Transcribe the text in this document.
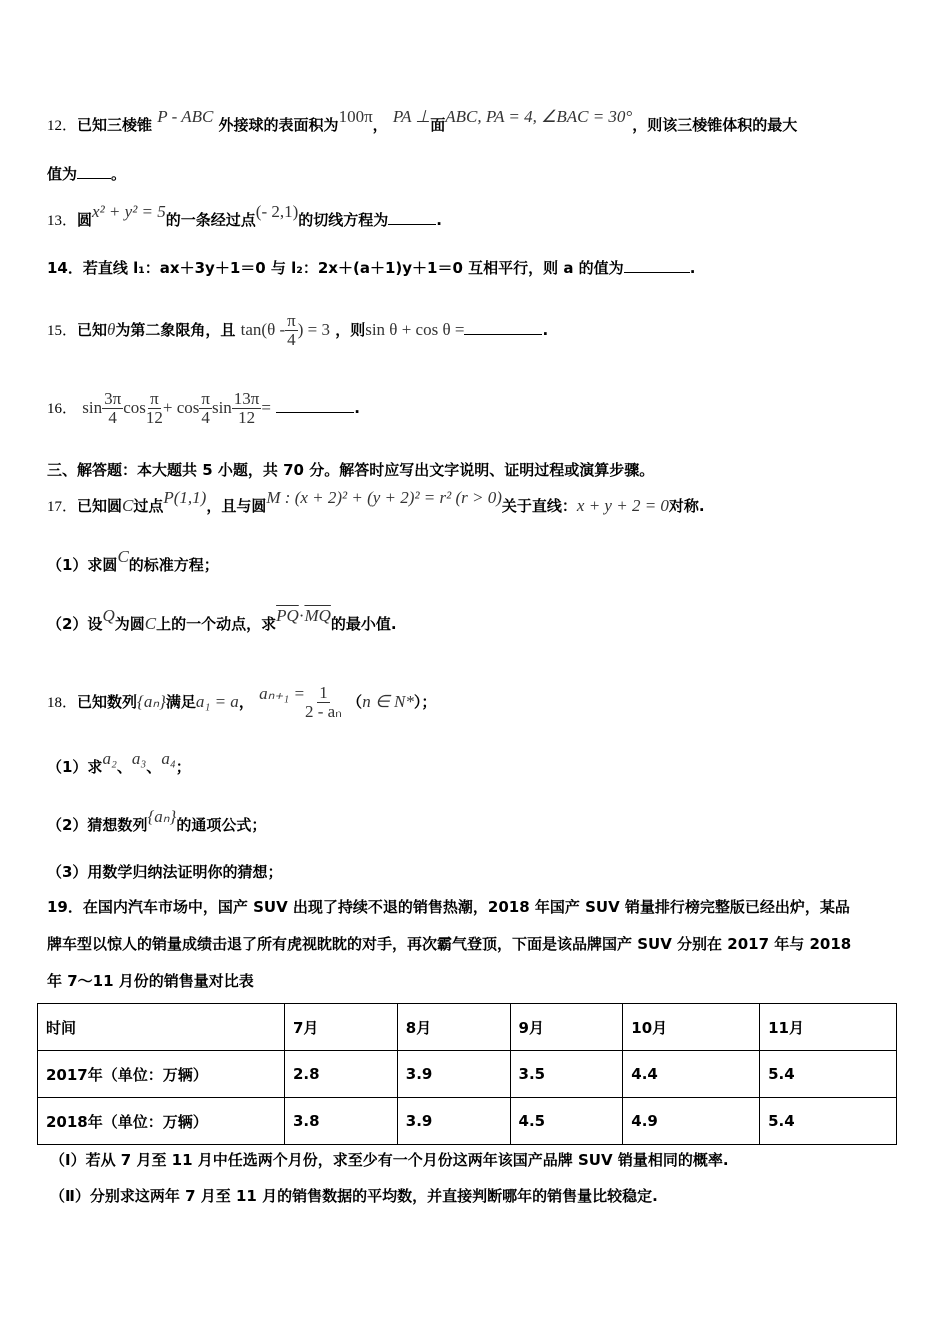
12．已知三棱锥 P - ABC 外接球的表面积为100π， PA ⊥面ABC, PA = 4, ∠BAC = 30°，则该三棱锥体积的最大
值为 。
13．圆x² + y² = 5的一条经过点(- 2,1)的切线方程为	.
14．若直线 l₁：ax＋3y＋1＝0 与 l₂：2x＋(a＋1)y＋1＝0 互相平行，则 a 的值为	.
15．已知θ为第二象限角，且 $\tan(\theta - \frac{\pi}{4}$ ) = 3 ，则sin θ + cos θ =	.
16． $\sin \frac{3\pi}{4}$ $\cos \frac{\pi}{12} + \cos \frac{\pi}{4}$ $\sin \frac{13\pi}{12}$ =	.
三、解答题：本大题共 5 小题，共 70 分。解答时应写出文字说明、证明过程或演算步骤。
17．已知圆C过点P(1,1)，且与圆M : (x + 2)² + (y + 2)² = r² (r > 0)关于直线：x + y + 2 = 0对称.
（1）求圆C的标准方程；
（2）设Q为圆C上的一个动点，求$\overline{PQ}\cdot\overline{MQ}$的最小值.
18．已知数列{aₙ}满足a₁ = a， $a_{n+1} = \frac{1}{\text{2 - aₙ}} (n$ ∈ N*）；
（1）求a₂、a₃、a₄；
（2）猜想数列{aₙ}的通项公式；
（3）用数学归纳法证明你的猜想；
19．在国内汽车市场中，国产 SUV 出现了持续不退的销售热潮，2018 年国产 SUV 销量排行榜完整版已经出炉，某品
牌车型以惊人的销量成绩击退了所有虎视眈眈的对手，再次霸气登顶，下面是该品牌国产 SUV 分别在 2017 年与 2018
年 7～11 月份的销售量对比表
时间	7月	8月	9月	10月	11月
2017年（单位：万辆）	2.8	3.9	3.5	4.4	5.4
2018年（单位：万辆）	3.8	3.9	4.5	4.9	5.4
（Ⅰ）若从 7 月至 11 月中任选两个月份，求至少有一个月份这两年该国产品牌 SUV 销量相同的概率.
（Ⅱ）分别求这两年 7 月至 11 月的销售数据的平均数，并直接判断哪年的销售量比较稳定.
